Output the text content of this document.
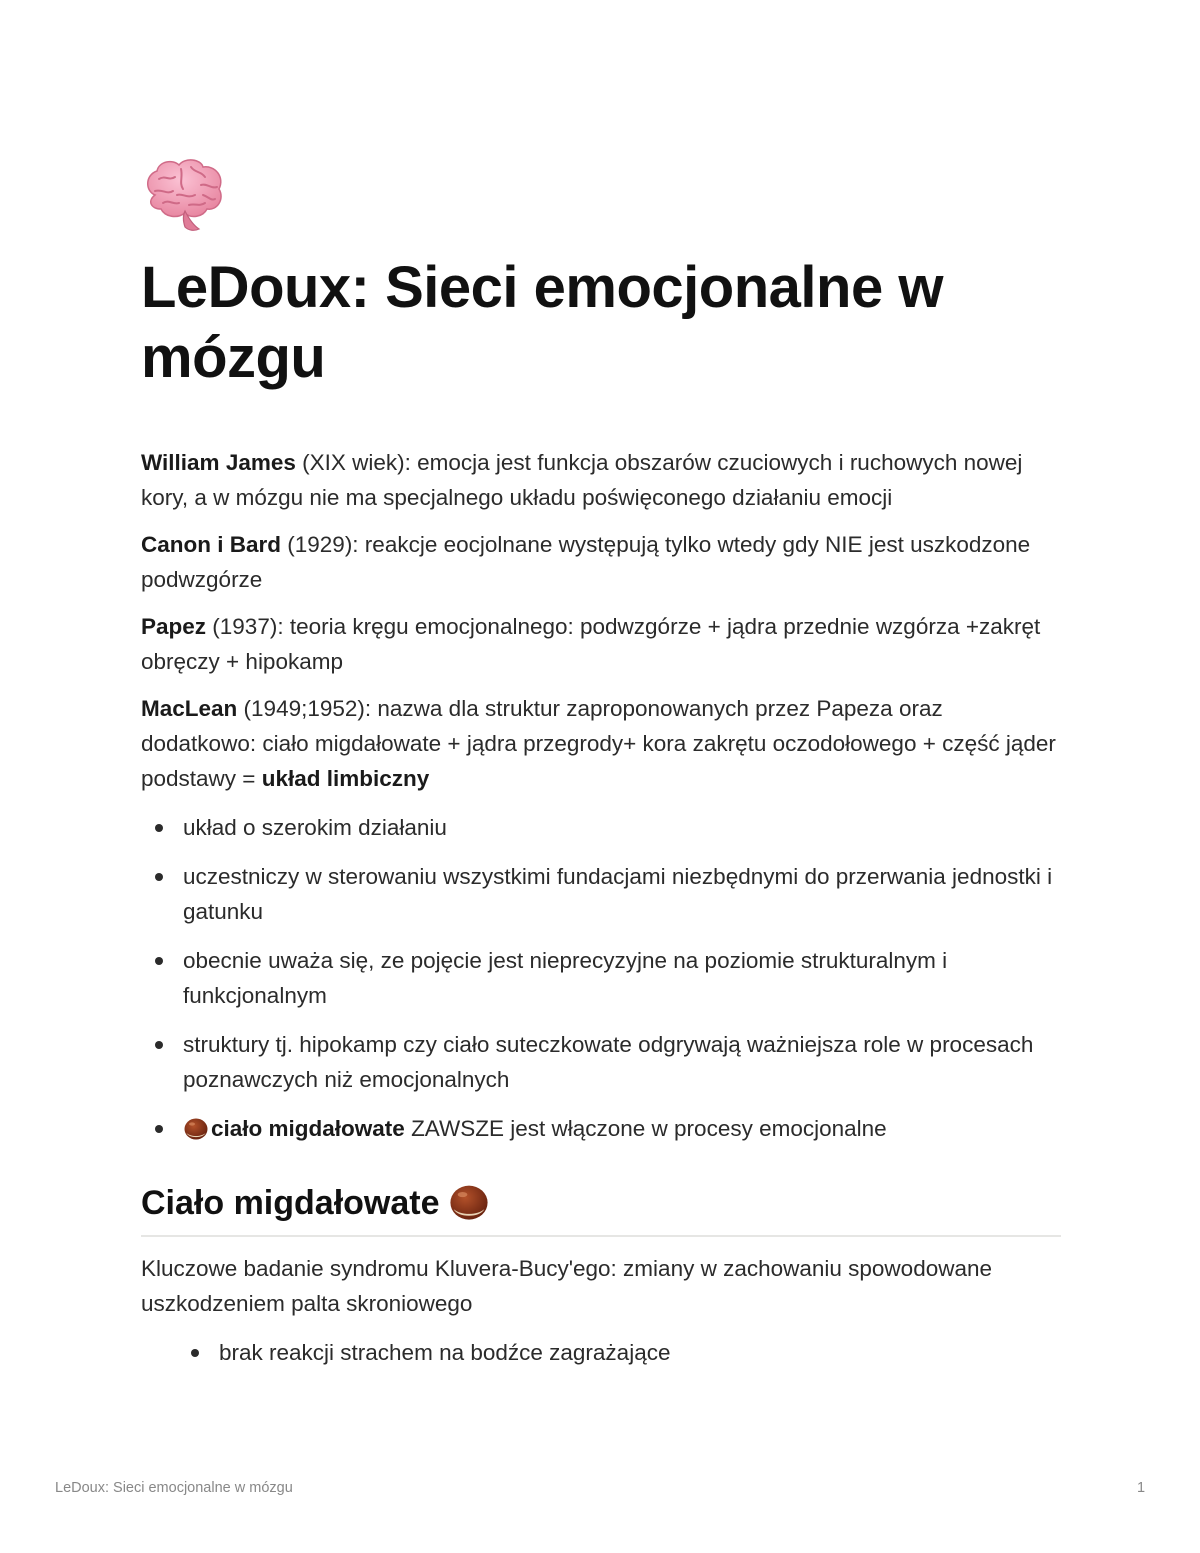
LeDoux: Sieci emocjonalne w mózgu

William James (XIX wiek): emocja jest funkcja obszarów czuciowych i ruchowych nowej kory, a w mózgu nie ma specjalnego układu poświęconego działaniu emocji

Canon i Bard (1929): reakcje eocjolnane występują tylko wtedy gdy NIE jest uszkodzone podwzgórze

Papez (1937): teoria kręgu emocjonalnego: podwzgórze + jądra przednie wzgórza +zakręt obręczy + hipokamp

MacLean (1949;1952): nazwa dla struktur zaproponowanych przez Papeza oraz dodatkowo: ciało migdałowate + jądra przegrody+ kora zakrętu oczodołowego + część jąder podstawy = układ limbiczny

układ o szerokim działaniu
uczestniczy w sterowaniu wszystkimi fundacjami niezbędnymi do przerwania jednostki i gatunku
obecnie uważa się, ze pojęcie jest nieprecyzyjne na poziomie strukturalnym i funkcjonalnym
struktury tj. hipokamp czy ciało suteczkowate odgrywają ważniejsza role w procesach poznawczych niż emocjonalnych
ciało migdałowate ZAWSZE jest włączone w procesy emocjonalne
Ciało migdałowate

Kluczowe badanie syndromu Kluvera-Bucy'ego: zmiany w zachowaniu spowodowane uszkodzeniem palta skroniowego

brak reakcji strachem na bodźce zagrażające
LeDoux: Sieci emocjonalne w mózgu	1
